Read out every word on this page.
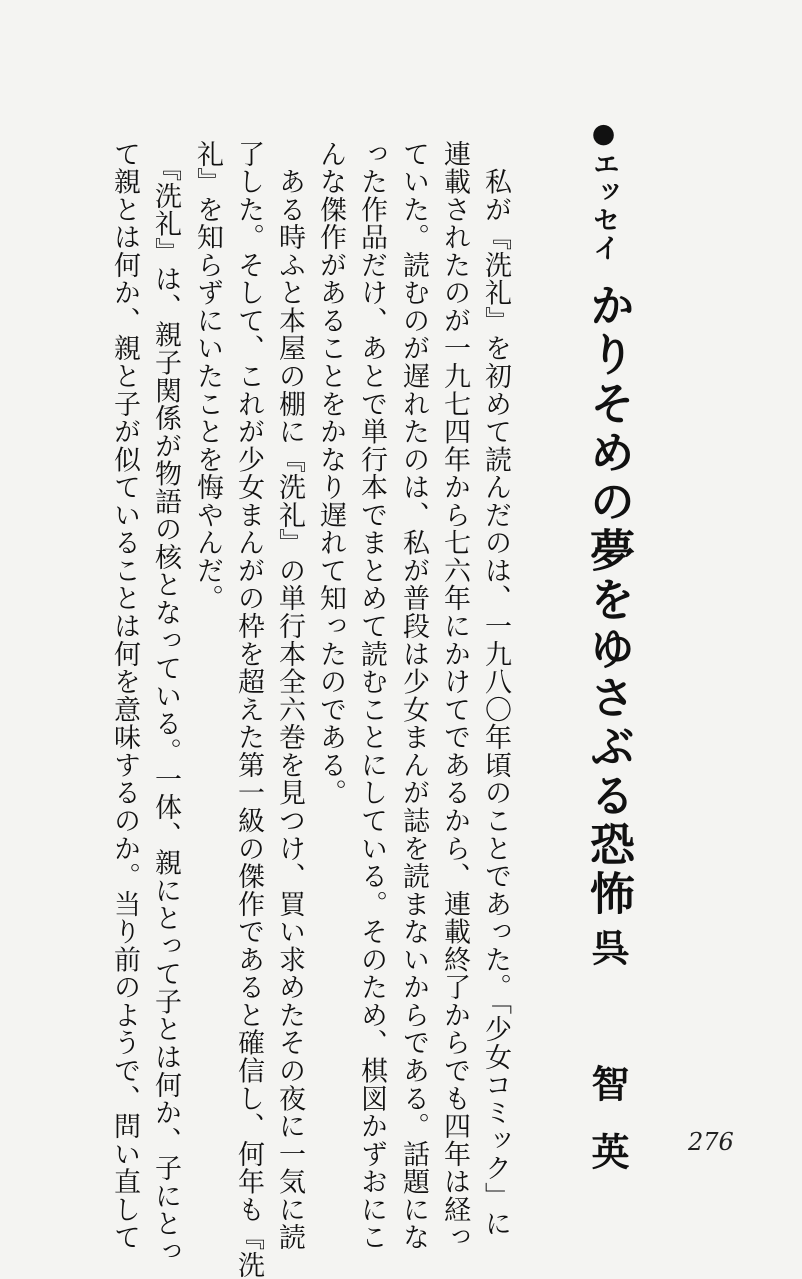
●エッセイ
かりそめの夢をゆさぶる恐怖
呉　智英
　私が『洗礼』を初めて読んだのは、一九八〇年頃のことであった。「少女コミック」に
連載されたのが一九七四年から七六年にかけてであるから、連載終了からでも四年は経っ
ていた。読むのが遅れたのは、私が普段は少女まんが誌を読まないからである。話題にな
った作品だけ、あとで単行本でまとめて読むことにしている。そのため、棋図かずおにこ
んな傑作があることをかなり遅れて知ったのである。
　ある時ふと本屋の棚に『洗礼』の単行本全六巻を見つけ、買い求めたその夜に一気に読
了した。そして、これが少女まんがの枠を超えた第一級の傑作であると確信し、何年も『洗
礼』を知らずにいたことを悔やんだ。
　『洗礼』は、親子関係が物語の核となっている。一体、親にとって子とは何か、子にとっ
て親とは何か、親と子が似ていることは何を意味するのか。当り前のようで、問い直して	276
